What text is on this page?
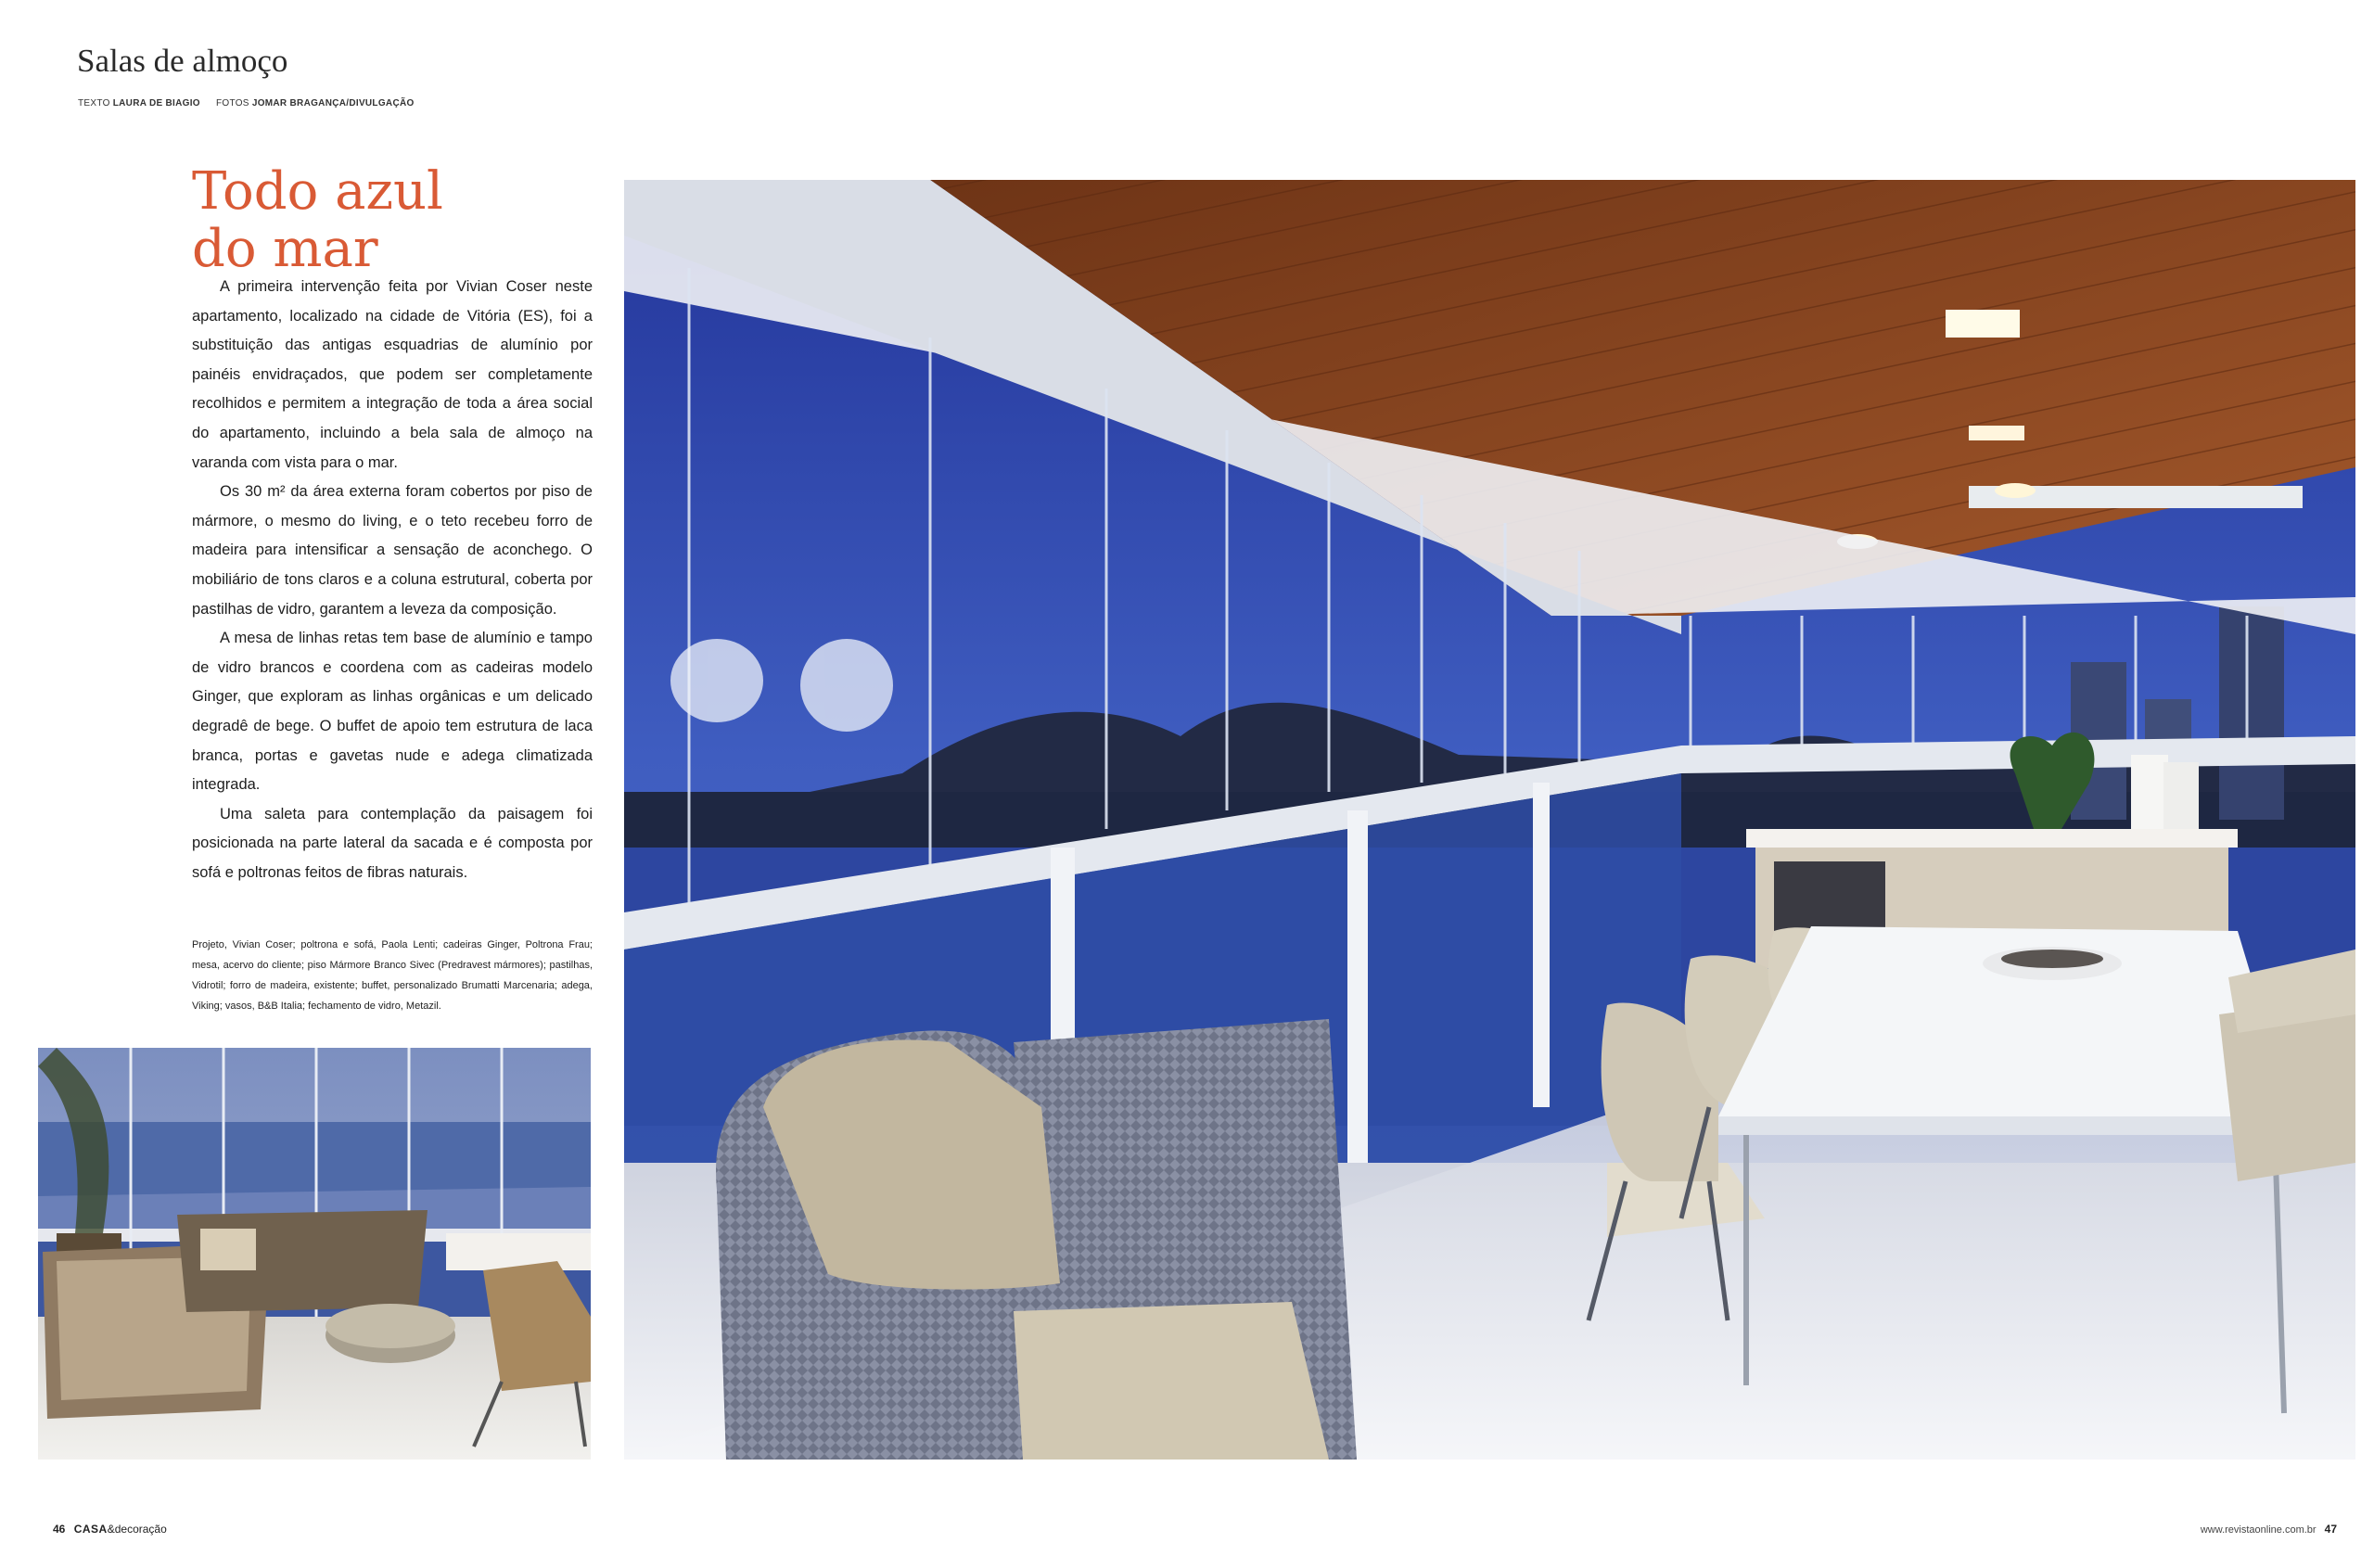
Salas de almoço
TEXTO LAURA DE BIAGIO FOTOS JOMAR BRAGANÇA/DIVULGAÇÃO
Todo azul
do mar

A primeira intervenção feita por Vivian Coser neste apartamento, localizado na cidade de Vitória (ES), foi a substituição das antigas esquadrias de alumínio por painéis envidraçados, que podem ser completamente recolhidos e permitem a integração de toda a área social do apartamento, incluindo a bela sala de almoço na varanda com vista para o mar.

Os 30 m² da área externa foram cobertos por piso de mármore, o mesmo do living, e o teto recebeu forro de madeira para intensificar a sensação de aconchego. O mobiliário de tons claros e a coluna estrutural, coberta por pastilhas de vidro, garantem a leveza da composição.

A mesa de linhas retas tem base de alumínio e tampo de vidro brancos e coordena com as cadeiras modelo Ginger, que exploram as linhas orgânicas e um delicado degradê de bege. O buffet de apoio tem estrutura de laca branca, portas e gavetas nude e adega climatizada integrada.

Uma saleta para contemplação da paisagem foi posicionada na parte lateral da sacada e é composta por sofá e poltronas feitos de fibras naturais.

Projeto, Vivian Coser; poltrona e sofá, Paola Lenti; cadeiras Ginger, Poltrona Frau; mesa, acervo do cliente; piso Mármore Branco Sivec (Predravest mármores); pastilhas, Vidrotil; forro de madeira, existente; buffet, personalizado Brumatti Marcenaria; adega, Viking; vasos, B&B Italia; fechamento de vidro, Metazil.
46 CASA&decoração	www.revistaonline.com.br 47
